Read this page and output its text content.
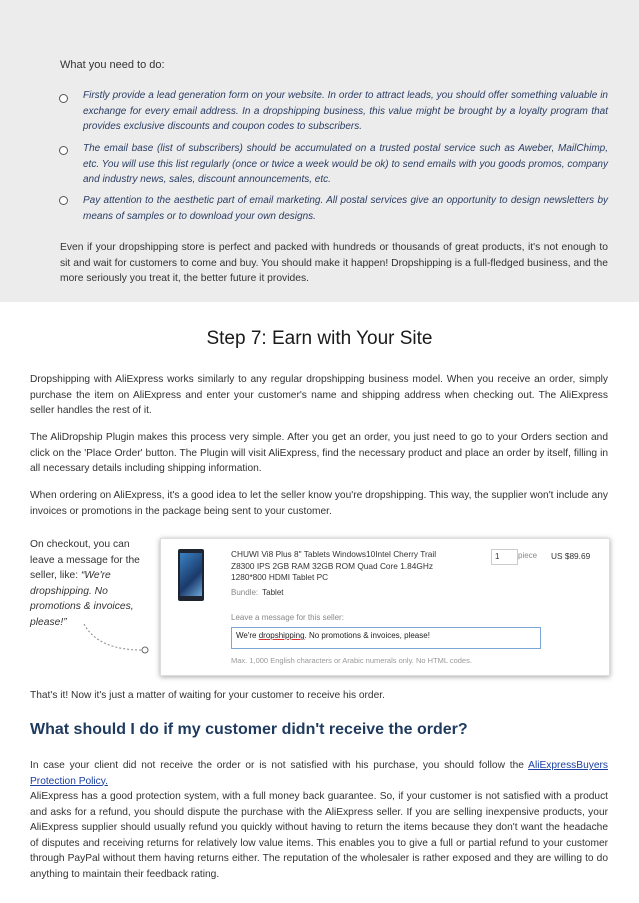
What you need to do:
Firstly provide a lead generation form on your website. In order to attract leads, you should offer something valuable in exchange for every email address. In a dropshipping business, this value might be brought by a loyalty program that provides exclusive discounts and coupon codes to subscribers.
The email base (list of subscribers) should be accumulated on a trusted postal service such as Aweber, MailChimp, etc. You will use this list regularly (once or twice a week would be ok) to send emails with you goods promos, company and industry news, sales, discount announcements, etc.
Pay attention to the aesthetic part of email marketing. All postal services give an opportunity to design newsletters by means of samples or to download your own designs.
Even if your dropshipping store is perfect and packed with hundreds or thousands of great products, it's not enough to sit and wait for customers to come and buy. You should make it happen! Dropshipping is a full-fledged business, and the more seriously you treat it, the better future it provides.
Step 7: Earn with Your Site
Dropshipping with AliExpress works similarly to any regular dropshipping business model. When you receive an order, simply purchase the item on AliExpress and enter your customer's name and shipping address when checking out. The AliExpress seller handles the rest of it.
The AliDropship Plugin makes this process very simple. After you get an order, you just need to go to your Orders section and click on the 'Place Order' button. The Plugin will visit AliExpress, find the necessary product and place an order by itself, filling in all necessary details including shipping information.
When ordering on AliExpress, it's a good idea to let the seller know you're dropshipping. This way, the supplier won't include any invoices or promotions in the package being sent to your customer.
On checkout, you can leave a message for the seller, like: “We're dropshipping. No promotions & invoices, please!”
CHUWI Vi8 Plus 8" Tablets Windows10Intel Cherry Trail Z8300 IPS 2GB RAM 32GB ROM Quad Core 1.84GHz 1280*800 HDMI Tablet PC
1	piece US $89.69
Bundle: Tablet
Leave a message for this seller:
We're dropshipping. No promotions & invoices, please!
Max. 1,000 English characters or Arabic numerals only. No HTML codes.
That's it! Now it's just a matter of waiting for your customer to receive his order.
What should I do if my customer didn't receive the order?
In case your client did not receive the order or is not satisfied with his purchase, you should follow the AliExpressBuyers Protection Policy.
AliExpress has a good protection system, with a full money back guarantee. So, if your customer is not satisfied with a product and asks for a refund, you should dispute the purchase with the AliExpress seller. If you are selling inexpensive products, your AliExpress supplier should usually refund you quickly without having to return the items because they don't want the headache of disputes and receiving returns for relatively low value items. This enables you to give a full or partial refund to your customer through PayPal without them having returns either. The reputation of the wholesaler is rather exposed and they are willing to do anything to maintain their feedback rating.
